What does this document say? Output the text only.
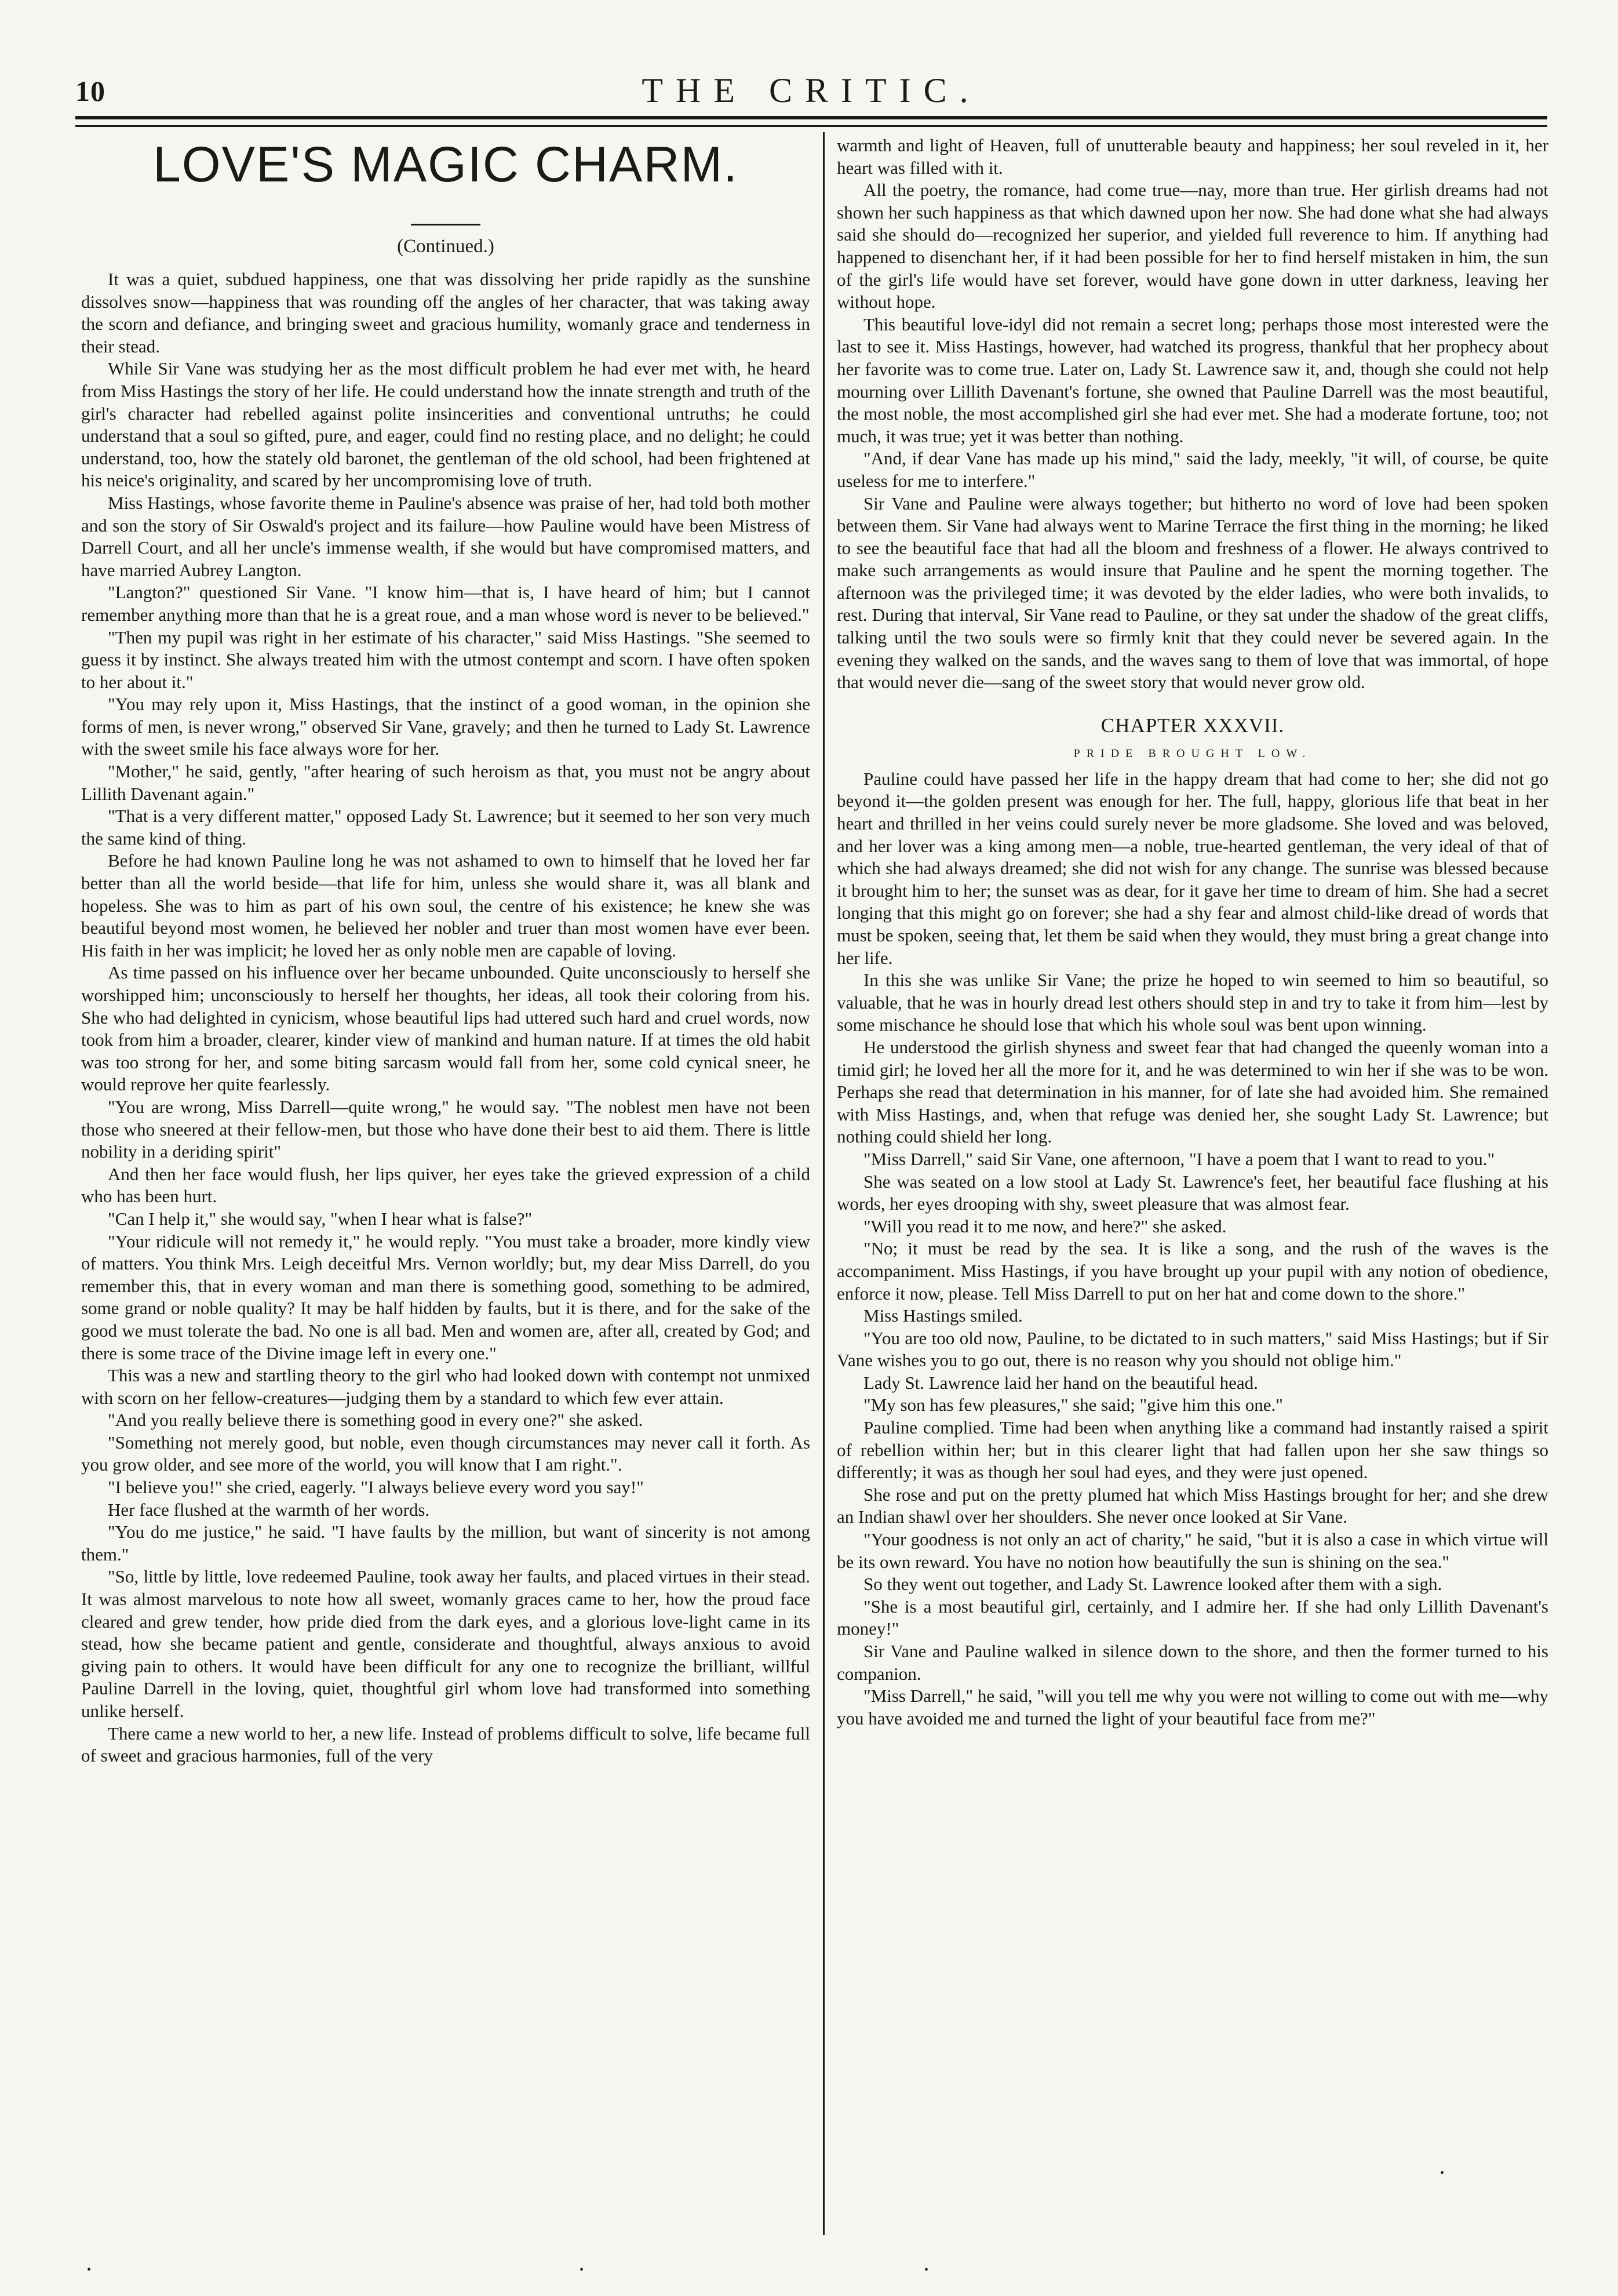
10	THE CRITIC.
LOVE'S MAGIC CHARM.
(Continued.)

It was a quiet, subdued happiness, one that was dissolving her pride rapidly as the sunshine dissolves snow—happiness that was rounding off the angles of her character, that was taking away the scorn and defiance, and bringing sweet and gracious humility, womanly grace and tenderness in their stead.

While Sir Vane was studying her as the most difficult problem he had ever met with, he heard from Miss Hastings the story of her life. He could understand how the innate strength and truth of the girl's character had rebelled against polite insincerities and conventional untruths; he could understand that a soul so gifted, pure, and eager, could find no resting place, and no delight; he could understand, too, how the stately old baronet, the gentleman of the old school, had been frightened at his neice's originality, and scared by her uncompromising love of truth.

Miss Hastings, whose favorite theme in Pauline's absence was praise of her, had told both mother and son the story of Sir Oswald's project and its failure—how Pauline would have been Mistress of Darrell Court, and all her uncle's immense wealth, if she would but have compromised matters, and have married Aubrey Langton.

"Langton?" questioned Sir Vane. "I know him—that is, I have heard of him; but I cannot remember anything more than that he is a great roue, and a man whose word is never to be believed."

"Then my pupil was right in her estimate of his character," said Miss Hastings. "She seemed to guess it by instinct. She always treated him with the utmost contempt and scorn. I have often spoken to her about it."

"You may rely upon it, Miss Hastings, that the instinct of a good woman, in the opinion she forms of men, is never wrong," observed Sir Vane, gravely; and then he turned to Lady St. Lawrence with the sweet smile his face always wore for her.

"Mother," he said, gently, "after hearing of such heroism as that, you must not be angry about Lillith Davenant again."

"That is a very different matter," opposed Lady St. Lawrence; but it seemed to her son very much the same kind of thing.

Before he had known Pauline long he was not ashamed to own to himself that he loved her far better than all the world beside—that life for him, unless she would share it, was all blank and hopeless. She was to him as part of his own soul, the centre of his existence; he knew she was beautiful beyond most women, he believed her nobler and truer than most women have ever been. His faith in her was implicit; he loved her as only noble men are capable of loving.

As time passed on his influence over her became unbounded. Quite unconsciously to herself she worshipped him; unconsciously to herself her thoughts, her ideas, all took their coloring from his. She who had delighted in cynicism, whose beautiful lips had uttered such hard and cruel words, now took from him a broader, clearer, kinder view of mankind and human nature. If at times the old habit was too strong for her, and some biting sarcasm would fall from her, some cold cynical sneer, he would reprove her quite fearlessly.

"You are wrong, Miss Darrell—quite wrong," he would say. "The noblest men have not been those who sneered at their fellow-men, but those who have done their best to aid them. There is little nobility in a deriding spirit"

And then her face would flush, her lips quiver, her eyes take the grieved expression of a child who has been hurt.

"Can I help it," she would say, "when I hear what is false?"

"Your ridicule will not remedy it," he would reply. "You must take a broader, more kindly view of matters. You think Mrs. Leigh deceitful Mrs. Vernon worldly; but, my dear Miss Darrell, do you remember this, that in every woman and man there is something good, something to be admired, some grand or noble quality? It may be half hidden by faults, but it is there, and for the sake of the good we must tolerate the bad. No one is all bad. Men and women are, after all, created by God; and there is some trace of the Divine image left in every one."

This was a new and startling theory to the girl who had looked down with contempt not unmixed with scorn on her fellow-creatures—judging them by a standard to which few ever attain.

"And you really believe there is something good in every one?" she asked.

"Something not merely good, but noble, even though circumstances may never call it forth. As you grow older, and see more of the world, you will know that I am right.".

"I believe you!" she cried, eagerly. "I always believe every word you say!"

Her face flushed at the warmth of her words.

"You do me justice," he said. "I have faults by the million, but want of sincerity is not among them."

"So, little by little, love redeemed Pauline, took away her faults, and placed virtues in their stead. It was almost marvelous to note how all sweet, womanly graces came to her, how the proud face cleared and grew tender, how pride died from the dark eyes, and a glorious love-light came in its stead, how she became patient and gentle, considerate and thoughtful, always anxious to avoid giving pain to others. It would have been difficult for any one to recognize the brilliant, willful Pauline Darrell in the loving, quiet, thoughtful girl whom love had transformed into something unlike herself.

There came a new world to her, a new life. Instead of problems difficult to solve, life became full of sweet and gracious harmonies, full of the very

warmth and light of Heaven, full of unutterable beauty and happiness; her soul reveled in it, her heart was filled with it.

All the poetry, the romance, had come true—nay, more than true. Her girlish dreams had not shown her such happiness as that which dawned upon her now. She had done what she had always said she should do—recognized her superior, and yielded full reverence to him. If anything had happened to disenchant her, if it had been possible for her to find herself mistaken in him, the sun of the girl's life would have set forever, would have gone down in utter darkness, leaving her without hope.

This beautiful love-idyl did not remain a secret long; perhaps those most interested were the last to see it. Miss Hastings, however, had watched its progress, thankful that her prophecy about her favorite was to come true. Later on, Lady St. Lawrence saw it, and, though she could not help mourning over Lillith Davenant's fortune, she owned that Pauline Darrell was the most beautiful, the most noble, the most accomplished girl she had ever met. She had a moderate fortune, too; not much, it was true; yet it was better than nothing.

"And, if dear Vane has made up his mind," said the lady, meekly, "it will, of course, be quite useless for me to interfere."

Sir Vane and Pauline were always together; but hitherto no word of love had been spoken between them. Sir Vane had always went to Marine Terrace the first thing in the morning; he liked to see the beautiful face that had all the bloom and freshness of a flower. He always contrived to make such arrangements as would insure that Pauline and he spent the morning together. The afternoon was the privileged time; it was devoted by the elder ladies, who were both invalids, to rest. During that interval, Sir Vane read to Pauline, or they sat under the shadow of the great cliffs, talking until the two souls were so firmly knit that they could never be severed again. In the evening they walked on the sands, and the waves sang to them of love that was immortal, of hope that would never die—sang of the sweet story that would never grow old.

CHAPTER XXXVII.
PRIDE BROUGHT LOW.

Pauline could have passed her life in the happy dream that had come to her; she did not go beyond it—the golden present was enough for her. The full, happy, glorious life that beat in her heart and thrilled in her veins could surely never be more gladsome. She loved and was beloved, and her lover was a king among men—a noble, true-hearted gentleman, the very ideal of that of which she had always dreamed; she did not wish for any change. The sunrise was blessed because it brought him to her; the sunset was as dear, for it gave her time to dream of him. She had a secret longing that this might go on forever; she had a shy fear and almost child-like dread of words that must be spoken, seeing that, let them be said when they would, they must bring a great change into her life.

In this she was unlike Sir Vane; the prize he hoped to win seemed to him so beautiful, so valuable, that he was in hourly dread lest others should step in and try to take it from him—lest by some mischance he should lose that which his whole soul was bent upon winning.

He understood the girlish shyness and sweet fear that had changed the queenly woman into a timid girl; he loved her all the more for it, and he was determined to win her if she was to be won. Perhaps she read that determination in his manner, for of late she had avoided him. She remained with Miss Hastings, and, when that refuge was denied her, she sought Lady St. Lawrence; but nothing could shield her long.

"Miss Darrell," said Sir Vane, one afternoon, "I have a poem that I want to read to you."

She was seated on a low stool at Lady St. Lawrence's feet, her beautiful face flushing at his words, her eyes drooping with shy, sweet pleasure that was almost fear.

"Will you read it to me now, and here?" she asked.

"No; it must be read by the sea. It is like a song, and the rush of the waves is the accompaniment. Miss Hastings, if you have brought up your pupil with any notion of obedience, enforce it now, please. Tell Miss Darrell to put on her hat and come down to the shore."

Miss Hastings smiled.

"You are too old now, Pauline, to be dictated to in such matters," said Miss Hastings; but if Sir Vane wishes you to go out, there is no reason why you should not oblige him."

Lady St. Lawrence laid her hand on the beautiful head.

"My son has few pleasures," she said; "give him this one."

Pauline complied. Time had been when anything like a command had instantly raised a spirit of rebellion within her; but in this clearer light that had fallen upon her she saw things so differently; it was as though her soul had eyes, and they were just opened.

She rose and put on the pretty plumed hat which Miss Hastings brought for her; and she drew an Indian shawl over her shoulders. She never once looked at Sir Vane.

"Your goodness is not only an act of charity," he said, "but it is also a case in which virtue will be its own reward. You have no notion how beautifully the sun is shining on the sea."

So they went out together, and Lady St. Lawrence looked after them with a sigh.

"She is a most beautiful girl, certainly, and I admire her. If she had only Lillith Davenant's money!"

Sir Vane and Pauline walked in silence down to the shore, and then the former turned to his companion.

"Miss Darrell," he said, "will you tell me why you were not willing to come out with me—why you have avoided me and turned the light of your beautiful face from me?"

•
•	•	•
